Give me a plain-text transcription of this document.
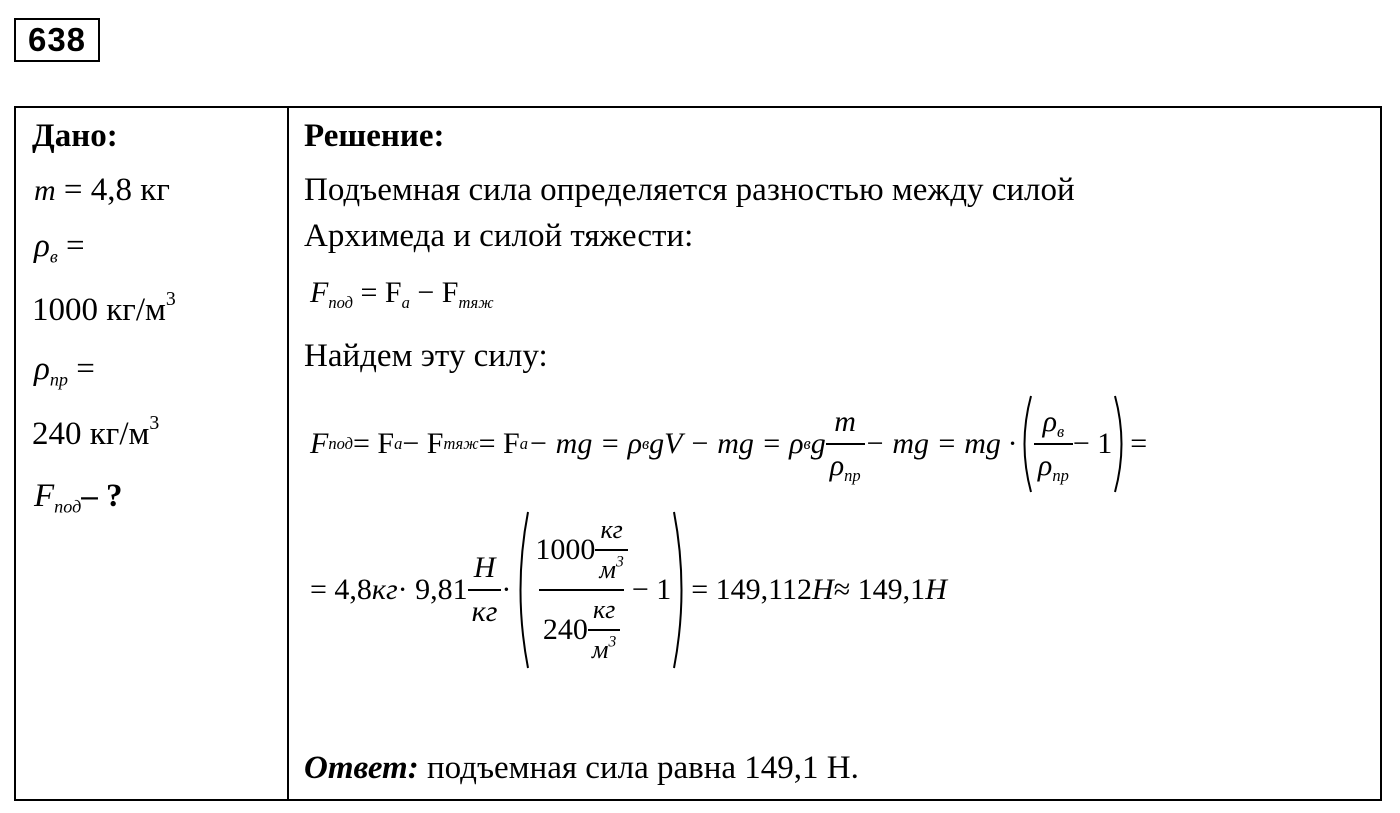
638
Дано:
m = 4,8 кг
$\rho_в$ =
1000 $кг/м^3$
$\rho_{пр}$ =
240 $кг/м^3$
$F_{под}-$ ?
Решение:
Подъемная сила определяется разностью между силой
Архимеда и силой тяжести:
$F_{под} = F_а - F_{тяж}$
Найдем эту силу:
F под = F а − F тяж = F а − mg = ρ в gV − mg = ρ в g $\frac{m}{\rho_{пр}}$ − mg = mg · $\frac{\rho_в}{\rho_{пр}} - 1$ =
= 4,8 кг · $9,81 \frac{Н}{кг} \cdot \frac{1000 \frac{кг}{м^3}}{240 \frac{кг}{м^3}} - 1 = 149,112$ Н ≈ 149,1 Н
Ответ: подъемная сила равна 149,1 Н.
